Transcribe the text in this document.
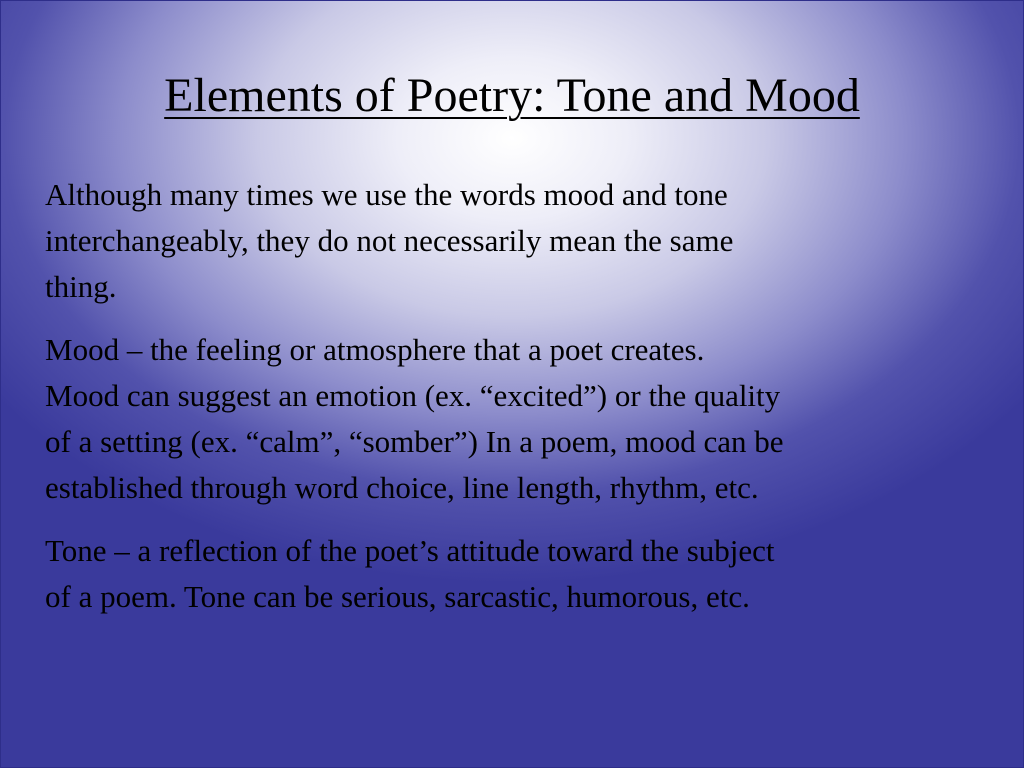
Elements of Poetry: Tone and Mood

Although many times we use the words mood and tone
interchangeably, they do not necessarily mean the same
thing.

Mood – the feeling or atmosphere that a poet creates.
Mood can suggest an emotion (ex. “excited”) or the quality
of a setting (ex. “calm”, “somber”) In a poem, mood can be
established through word choice, line length, rhythm, etc.

Tone – a reflection of the poet’s attitude toward the subject
of a poem. Tone can be serious, sarcastic, humorous, etc.
